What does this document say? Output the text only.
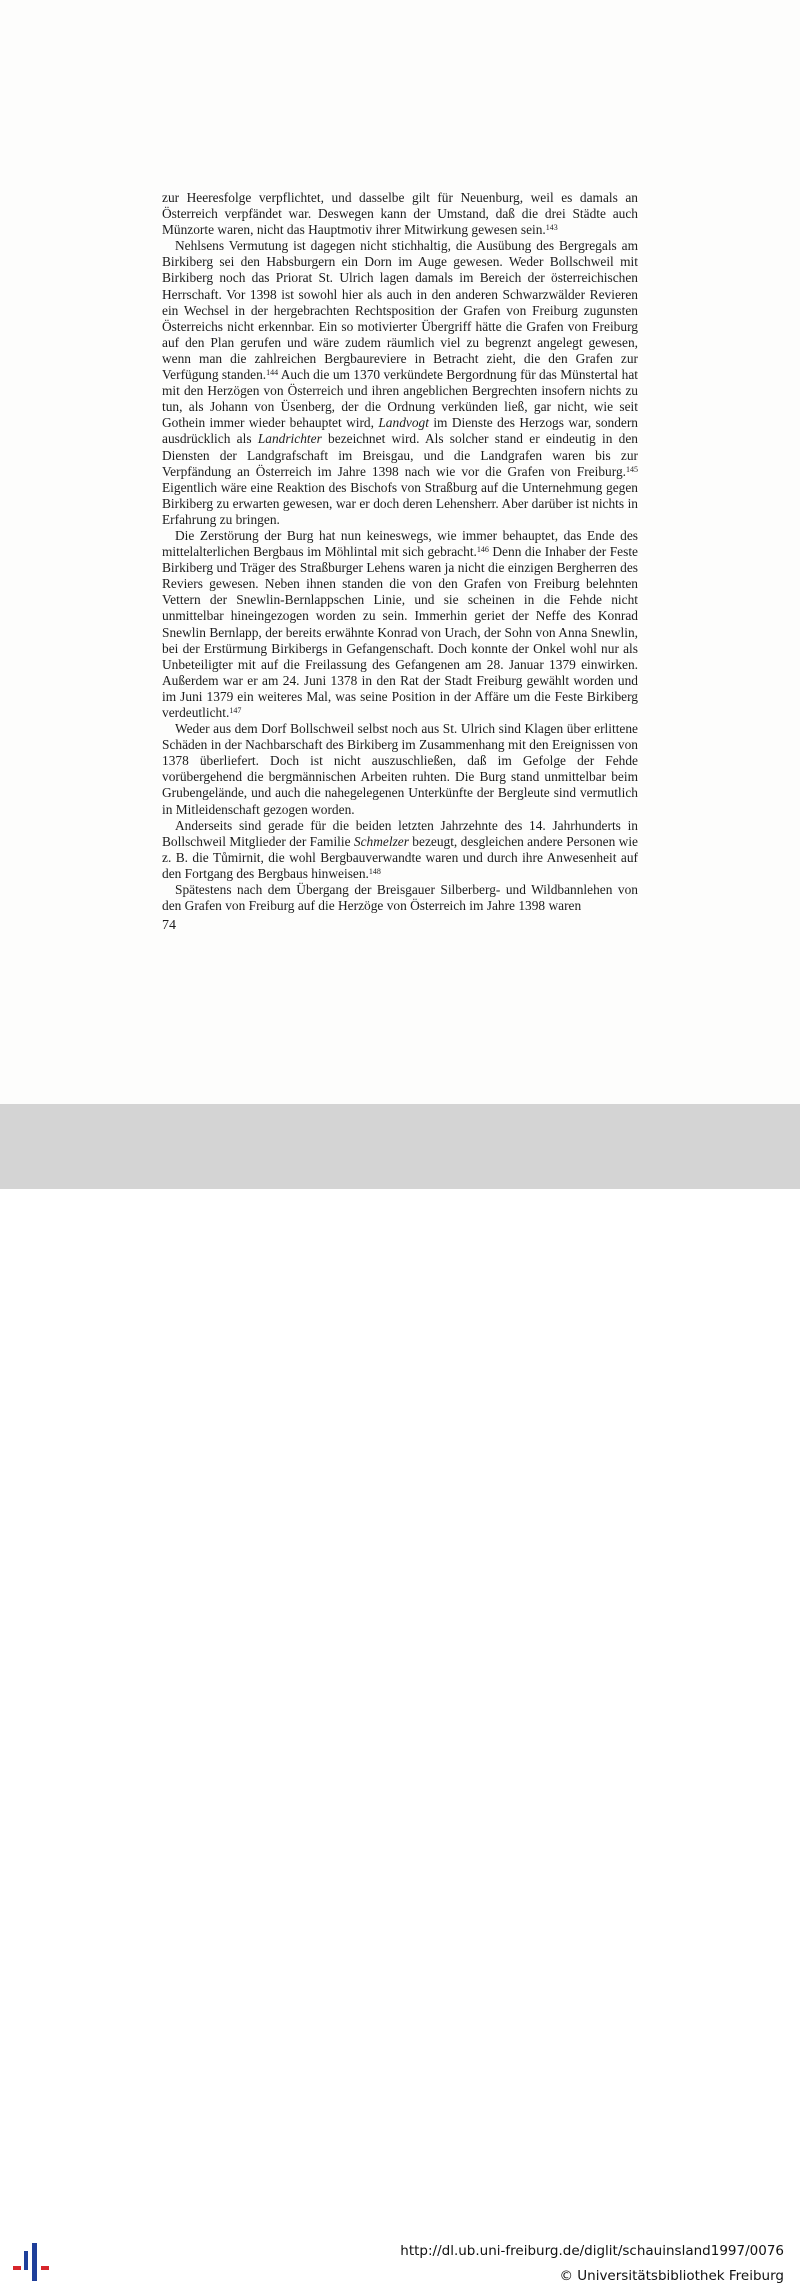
zur Heeresfolge verpflichtet, und dasselbe gilt für Neuenburg, weil es damals an Österreich verpfändet war. Deswegen kann der Umstand, daß die drei Städte auch Münzorte waren, nicht das Hauptmotiv ihrer Mitwirkung gewesen sein.$^{143}$

Nehlsens Vermutung ist dagegen nicht stichhaltig, die Ausübung des Bergregals am Birkiberg sei den Habsburgern ein Dorn im Auge gewesen. Weder Bollschweil mit Birkiberg noch das Priorat St. Ulrich lagen damals im Bereich der österreichischen Herrschaft. Vor 1398 ist sowohl hier als auch in den anderen Schwarzwälder Revieren ein Wechsel in der hergebrachten Rechtsposition der Grafen von Freiburg zugunsten Österreichs nicht erkennbar. Ein so motivierter Übergriff hätte die Grafen von Freiburg auf den Plan gerufen und wäre zudem räumlich viel zu begrenzt angelegt gewesen, wenn man die zahlreichen Bergbaureviere in Betracht zieht, die den Grafen zur Verfügung standen.$^{144}$ Auch die um 1370 verkündete Bergordnung für das Münstertal hat mit den Herzögen von Österreich und ihren angeblichen Bergrechten insofern nichts zu tun, als Johann von Üsenberg, der die Ordnung verkünden ließ, gar nicht, wie seit Gothein immer wieder behauptet wird, Landvogt im Dienste des Herzogs war, sondern ausdrücklich als Landrichter bezeichnet wird. Als solcher stand er eindeutig in den Diensten der Landgrafschaft im Breisgau, und die Landgrafen waren bis zur Verpfändung an Österreich im Jahre 1398 nach wie vor die Grafen von Freiburg.$^{145}$ Eigentlich wäre eine Reaktion des Bischofs von Straßburg auf die Unternehmung gegen Birkiberg zu erwarten gewesen, war er doch deren Lehensherr. Aber darüber ist nichts in Erfahrung zu bringen.

Die Zerstörung der Burg hat nun keineswegs, wie immer behauptet, das Ende des mittelalterlichen Bergbaus im Möhlintal mit sich gebracht.$^{146}$ Denn die Inhaber der Feste Birkiberg und Träger des Straßburger Lehens waren ja nicht die einzigen Bergherren des Reviers gewesen. Neben ihnen standen die von den Grafen von Freiburg belehnten Vettern der Snewlin-Bernlappschen Linie, und sie scheinen in die Fehde nicht unmittelbar hineingezogen worden zu sein. Immerhin geriet der Neffe des Konrad Snewlin Bernlapp, der bereits erwähnte Konrad von Urach, der Sohn von Anna Snewlin, bei der Erstürmung Birkibergs in Gefangenschaft. Doch konnte der Onkel wohl nur als Unbeteiligter mit auf die Freilassung des Gefangenen am 28. Januar 1379 einwirken. Außerdem war er am 24. Juni 1378 in den Rat der Stadt Freiburg gewählt worden und im Juni 1379 ein weiteres Mal, was seine Position in der Affäre um die Feste Birkiberg verdeutlicht.$^{147}$

Weder aus dem Dorf Bollschweil selbst noch aus St. Ulrich sind Klagen über erlittene Schäden in der Nachbarschaft des Birkiberg im Zusammenhang mit den Ereignissen von 1378 überliefert. Doch ist nicht auszuschließen, daß im Gefolge der Fehde vorübergehend die bergmännischen Arbeiten ruhten. Die Burg stand unmittelbar beim Grubengelände, und auch die nahegelegenen Unterkünfte der Bergleute sind vermutlich in Mitleidenschaft gezogen worden.

Anderseits sind gerade für die beiden letzten Jahrzehnte des 14. Jahrhunderts in Bollschweil Mitglieder der Familie Schmelzer bezeugt, desgleichen andere Personen wie z. B. die Tůmirnit, die wohl Bergbauverwandte waren und durch ihre Anwesenheit auf den Fortgang des Bergbaus hinweisen.$^{148}$

Spätestens nach dem Übergang der Breisgauer Silberberg- und Wildbannlehen von den Grafen von Freiburg auf die Herzöge von Österreich im Jahre 1398 waren

74
http://dl.ub.uni-freiburg.de/diglit/schauinsland1997/0076
© Universitätsbibliothek Freiburg
